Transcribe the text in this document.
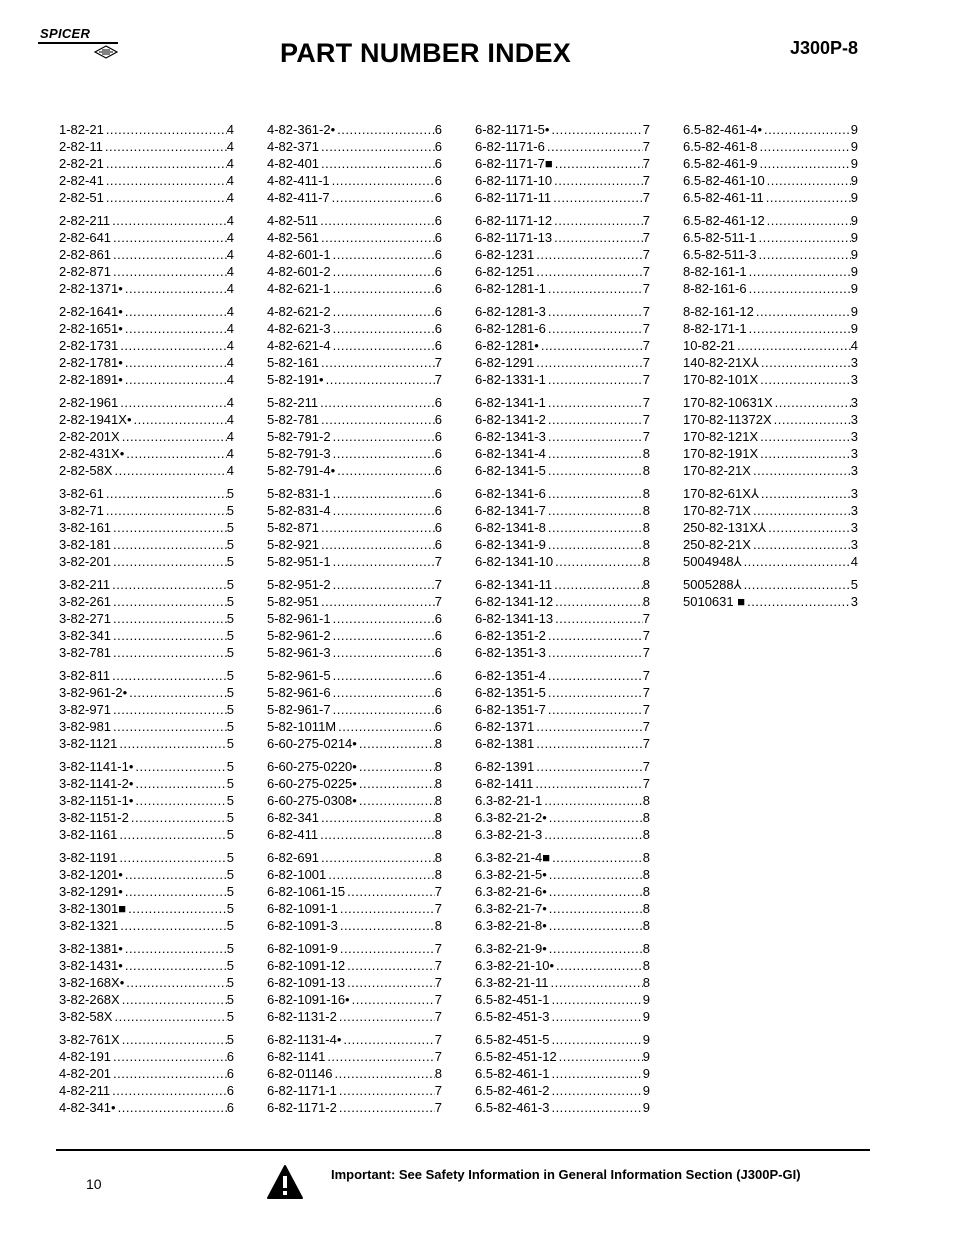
SPICER
PART NUMBER INDEX	J300P-8
1-82-21 .....	4
2-82-11 .....	4
2-82-21 .....	4
2-82-41 .....	4
2-82-51 .....	4
2-82-211 .....	4
2-82-641 .....	4
2-82-861 .....	4
2-82-871 .....	4
2-82-1371• .....	4
2-82-1641• .....	4
2-82-1651• .....	4
2-82-1731 .....	4
2-82-1781• .....	4
2-82-1891• .....	4
2-82-1961 .....	4
2-82-1941X• .....	4
2-82-201X .....	4
2-82-431X• .....	4
2-82-58X .....	4
3-82-61 .....	5
3-82-71 .....	5
3-82-161 .....	5
3-82-181 .....	5
3-82-201 .....	5
3-82-211 .....	5
3-82-261 .....	5
3-82-271 .....	5
3-82-341 .....	5
3-82-781 .....	5
3-82-811 .....	5
3-82-961-2• .....	5
3-82-971 .....	5
3-82-981 .....	5
3-82-1121 .....	5
3-82-1141-1• .....	5
3-82-1141-2• .....	5
3-82-1151-1• .....	5
3-82-1151-2 .....	5
3-82-1161 .....	5
3-82-1191 .....	5
3-82-1201• .....	5
3-82-1291• .....	5
3-82-1301■ .....	5
3-82-1321 .....	5
3-82-1381• .....	5
3-82-1431• .....	5
3-82-168X• .....	5
3-82-268X .....	5
3-82-58X .....	5
3-82-761X .....	5
4-82-191 .....	6
4-82-201 .....	6
4-82-211 .....	6
4-82-341• .....	6
4-82-361-2• .....	6
4-82-371 .....	6
4-82-401 .....	6
4-82-411-1 .....	6
4-82-411-7 .....	6
4-82-511 .....	6
4-82-561 .....	6
4-82-601-1 .....	6
4-82-601-2 .....	6
4-82-621-1 .....	6
4-82-621-2 .....	6
4-82-621-3 .....	6
4-82-621-4 .....	6
5-82-161 .....	7
5-82-191• .....	7
5-82-211 .....	6
5-82-781 .....	6
5-82-791-2 .....	6
5-82-791-3 .....	6
5-82-791-4• .....	6
5-82-831-1 .....	6
5-82-831-4 .....	6
5-82-871 .....	6
5-82-921 .....	6
5-82-951-1 .....	7
5-82-951-2 .....	7
5-82-951 .....	7
5-82-961-1 .....	6
5-82-961-2 .....	6
5-82-961-3 .....	6
5-82-961-5 .....	6
5-82-961-6 .....	6
5-82-961-7 .....	6
5-82-1011M .....	6
6-60-275-0214• .....	8
6-60-275-0220• .....	8
6-60-275-0225• .....	8
6-60-275-0308• .....	8
6-82-341 .....	8
6-82-411 .....	8
6-82-691 .....	8
6-82-1001 .....	8
6-82-1061-15 .....	7
6-82-1091-1 .....	7
6-82-1091-3 .....	8
6-82-1091-9 .....	7
6-82-1091-12 .....	7
6-82-1091-13 .....	7
6-82-1091-16• .....	7
6-82-1131-2 .....	7
6-82-1131-4• .....	7
6-82-1141 .....	7
6-82-01146 .....	8
6-82-1171-1 .....	7
6-82-1171-2 .....	7
6-82-1171-5• .....	7
6-82-1171-6 .....	7
6-82-1171-7■ .....	7
6-82-1171-10 .....	7
6-82-1171-11 .....	7
6-82-1171-12 .....	7
6-82-1171-13 .....	7
6-82-1231 .....	7
6-82-1251 .....	7
6-82-1281-1 .....	7
6-82-1281-3 .....	7
6-82-1281-6 .....	7
6-82-1281• .....	7
6-82-1291 .....	7
6-82-1331-1 .....	7
6-82-1341-1 .....	7
6-82-1341-2 .....	7
6-82-1341-3 .....	7
6-82-1341-4 .....	8
6-82-1341-5 .....	8
6-82-1341-6 .....	8
6-82-1341-7 .....	8
6-82-1341-8 .....	8
6-82-1341-9 .....	8
6-82-1341-10 .....	8
6-82-1341-11 .....	8
6-82-1341-12 .....	8
6-82-1341-13 .....	7
6-82-1351-2 .....	7
6-82-1351-3 .....	7
6-82-1351-4 .....	7
6-82-1351-5 .....	7
6-82-1351-7 .....	7
6-82-1371 .....	7
6-82-1381 .....	7
6-82-1391 .....	7
6-82-1411 .....	7
6.3-82-21-1 .....	8
6.3-82-21-2• .....	8
6.3-82-21-3 .....	8
6.3-82-21-4■ .....	8
6.3-82-21-5• .....	8
6.3-82-21-6• .....	8
6.3-82-21-7• .....	8
6.3-82-21-8• .....	8
6.3-82-21-9• .....	8
6.3-82-21-10• .....	8
6.3-82-21-11 .....	8
6.5-82-451-1 .....	9
6.5-82-451-3 .....	9
6.5-82-451-5 .....	9
6.5-82-451-12 .....	9
6.5-82-461-1 .....	9
6.5-82-461-2 .....	9
6.5-82-461-3 .....	9
6.5-82-461-4• .....	9
6.5-82-461-8 .....	9
6.5-82-461-9 .....	9
6.5-82-461-10 .....	9
6.5-82-461-11 .....	9
6.5-82-461-12 .....	9
6.5-82-511-1 .....	9
6.5-82-511-3 .....	9
8-82-161-1 .....	9
8-82-161-6 .....	9
8-82-161-12 .....	9
8-82-171-1 .....	9
10-82-21 .....	4
140-82-21X⅄ .....	3
170-82-101X .....	3
170-82-10631X .....	3
170-82-11372X .....	3
170-82-121X .....	3
170-82-191X .....	3
170-82-21X .....	3
170-82-61X⅄ .....	3
170-82-71X .....	3
250-82-131X⅄ .....	3
250-82-21X .....	3
5004948⅄ .....	4
5005288⅄ .....	5
5010631 ■ .....	3
10
Important: See Safety Information in General Information Section (J300P-GI)
